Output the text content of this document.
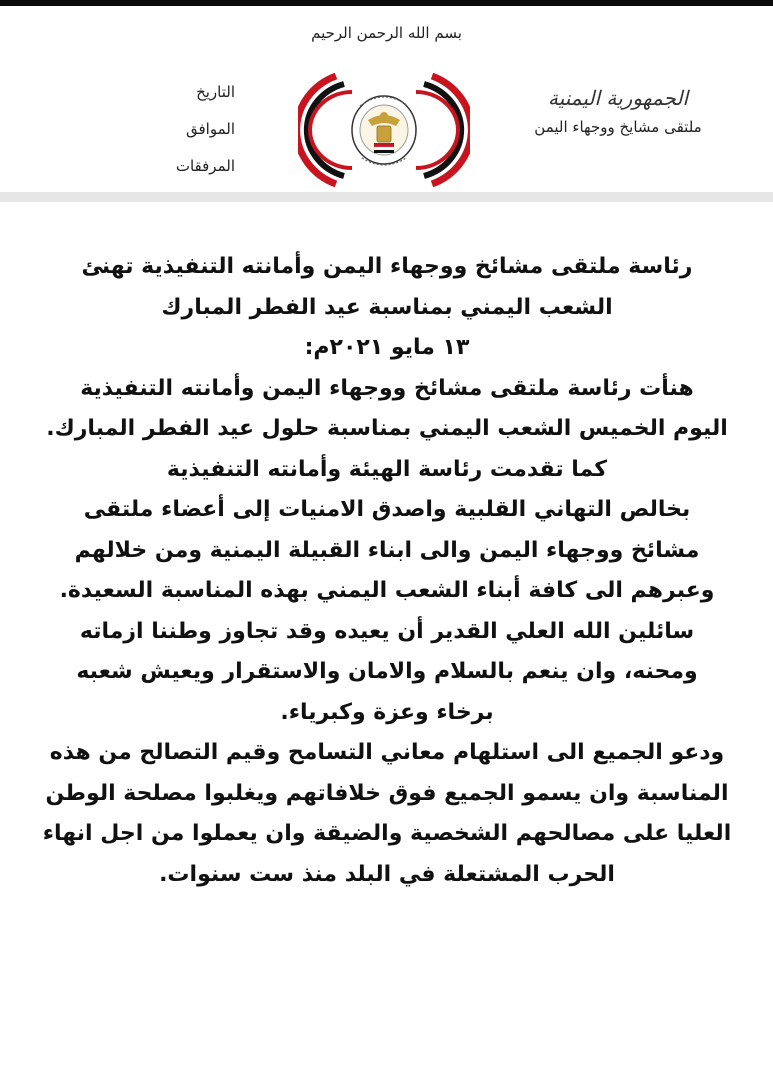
بسم الله الرحمن الرحيم
الجمهورية اليمنية
ملتقى مشايخ ووجهاء اليمن
التاريخ
الموافق
المرفقات
رئاسة ملتقى مشائخ ووجهاء اليمن وأمانته التنفيذية تهنئ
الشعب اليمني بمناسبة عيد الفطر المبارك
١٣ مايو ٢٠٢١م:
هنأت رئاسة ملتقى مشائخ ووجهاء اليمن وأمانته التنفيذية
اليوم الخميس الشعب اليمني بمناسبة حلول عيد الفطر المبارك.
كما تقدمت رئاسة الهيئة وأمانته التنفيذية
بخالص التهاني القلبية واصدق الامنيات إلى أعضاء ملتقى
مشائخ ووجهاء اليمن والى ابناء القبيلة اليمنية ومن خلالهم
وعبرهم الى كافة أبناء الشعب اليمني بهذه المناسبة السعيدة.
سائلين الله العلي القدير أن يعيده وقد تجاوز وطننا ازماته
ومحنه، وان ينعم بالسلام والامان والاستقرار ويعيش شعبه
برخاء وعزة وكبرياء.
ودعو الجميع الى استلهام معاني التسامح وقيم التصالح من هذه
المناسبة وان يسمو الجميع فوق خلافاتهم ويغلبوا مصلحة الوطن
العليا على مصالحهم الشخصية والضيقة وان يعملوا من اجل انهاء
الحرب المشتعلة في البلد منذ ست سنوات.
